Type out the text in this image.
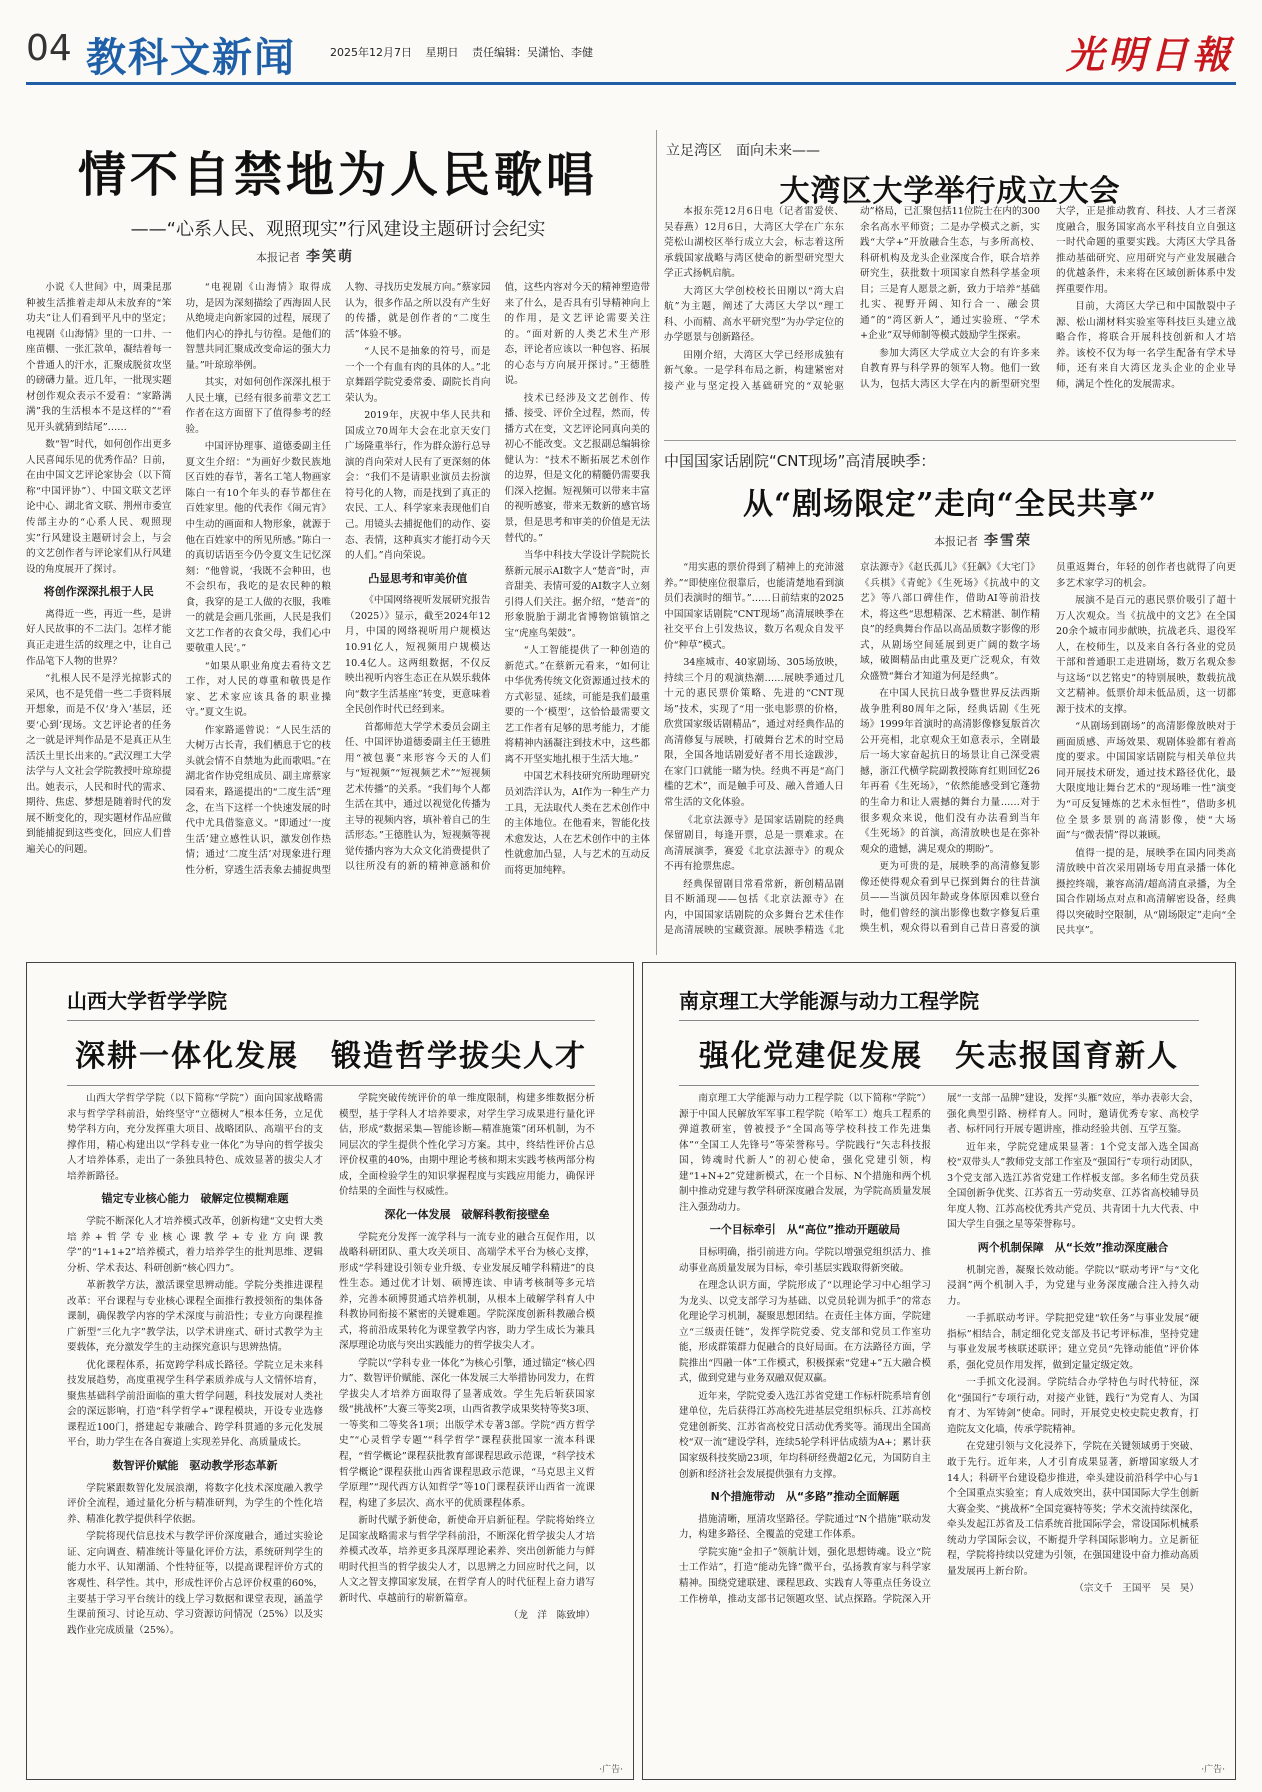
04 教科文新闻	2025年12月7日 星期日 责任编辑：吴潇怡、李健	光明日報
情不自禁地为人民歌唱
——“心系人民、观照现实”行风建设主题研讨会纪实
本报记者 李笑萌

小说《人世间》中，周秉昆那种被生活推着走却从未放弃的“笨功夫”让人们看到平凡中的坚定；电视剧《山海情》里的一口井、一座苗棚、一张汇款单，凝结着每一个普通人的汗水，汇聚成脱贫攻坚的磅礴力量。近几年，一批现实题材创作观众表示不爱看：“家路满满”我的生活根本不是这样的”“看见开头就猜到结尾”……

数“智”时代，如何创作出更多人民喜闻乐见的优秀作品？日前，在由中国文艺评论家协会（以下简称“中国评协”）、中国文联文艺评论中心、湖北省文联、荆州市委宣传部主办的“心系人民、观照现实”行风建设主题研讨会上，与会的文艺创作者与评论家们从行风建设的角度展开了探讨。

将创作深深扎根于人民

离得近一些，再近一些，是讲好人民故事的不二法门。怎样才能真正走进生活的纹理之中，让自己作品笔下人物的世界？

“扎根人民不是浮光掠影式的采风，也不是凭借一些二手资料展开想象，而是不仅‘身入’基层，还要‘心到’现场。文艺评论者的任务之一就是评判作品是不是真正从生活沃土里长出来的。”武汉理工大学法学与人文社会学院教授叶琼琼提出。她表示，人民和时代的需求、期待、焦虑、梦想是随着时代的发展不断变化的，现实题材作品应做到能捕捉到这些变化，回应人们普遍关心的问题。

“电视剧《山海情》取得成功，是因为深刻描绘了西海固人民从绝境走向新家园的过程，展现了他们内心的挣扎与彷徨。是他们的智慧共同汇聚成改变命运的强大力量。”叶琼琼举例。

其实，对如何创作深深扎根于人民土壤，已经有很多前辈文艺工作者在这方面留下了值得参考的经验。

中国评协理事、道德委副主任夏文生介绍：“为画好少数民族地区百姓的春节，著名工笔人物画家陈白一有10个年头的春节都住在百姓家里。他的代表作《闹元宵》中生动的画面和人物形象，就源于他在百姓家中的所见所感。”陈白一的真切话语至今仍令夏文生记忆深刻：“他曾说，‘我既不会种田，也不会织布，我吃的是农民种的粮食，我穿的是工人做的衣服，我唯一的就是会画几张画，人民是我们文艺工作者的衣食父母，我们心中要敬重人民’。”

“如果从职业角度去看待文艺工作，对人民的尊重和敬畏是作家、艺术家应该具备的职业操守。”夏文生说。

作家路遥曾说：“人民生活的大树万古长青，我们栖息于它的枝头就会情不自禁地为此而歌唱。”在湖北省作协党组成员、副主席蔡家园看来，路遥提出的“二度生活”理念，在当下这样一个快速发展的时代中尤具借鉴意义。“即通过‘一度生活’建立感性认识，激发创作热情；通过‘二度生活’对现象进行理性分析，穿透生活表象去捕捉典型人物、寻找历史发展方向。”蔡家园认为，很多作品之所以没有产生好的传播，就是创作者的“二度生活”体验不够。

“人民不是抽象的符号，而是一个一个有血有肉的具体的人。”北京舞蹈学院党委常委、副院长肖向荣认为。

2019年，庆祝中华人民共和国成立70周年大会在北京天安门广场隆重举行，作为群众游行总导演的肖向荣对人民有了更深刻的体会：“我们不是请职业演员去扮演符号化的人物，而是找到了真正的农民、工人、科学家来表现他们自己。用镜头去捕捉他们的动作、姿态、表情，这种真实才能打动今天的人们。”肖向荣说。

凸显思考和审美价值

《中国网络视听发展研究报告（2025）》显示，截至2024年12月，中国的网络视听用户规模达10.91亿人，短视频用户规模达10.4亿人。这两组数据，不仅反映出视听内容生态正在从娱乐载体向“数字生活基座”转变，更意味着全民创作时代已经到来。

首都师范大学学术委员会副主任、中国评协道德委副主任王德胜用“被包裹”来形容今天的人们与“短视频”“短视频艺术”“短视频艺术传播”的关系。“我们每个人都生活在其中，通过以视觉化传播为主导的视频内容，填补着自己的生活形态。”王德胜认为，短视频等视觉传播内容为大众文化消费提供了以往所没有的新的精神意涵和价值，这些内容对今天的精神塑造带来了什么，是否具有引导精神向上的作用，是文艺评论需要关注的。“面对新的人类艺术生产形态，评论者应该以一种包容、拓展的心态与方向展开探讨。”王德胜说。

技术已经涉及文艺创作、传播、接受、评价全过程，然而，传播方式在变，文艺评论同真向美的初心不能改变。文艺报副总编辑徐健认为：“技术不断拓展艺术创作的边界，但是文化的精髓仍需要我们深入挖掘。短视频可以带来丰富的视听感宴，带来无数新的感官场景，但是思考和审美的价值是无法替代的。”

当华中科技大学设计学院院长蔡新元展示AI数字人“楚音”时，声音甜美、表情可爱的AI数字人立刻引得人们关注。据介绍，“楚音”的形象脱胎于湖北省博物馆镇馆之宝“虎座鸟架鼓”。

“人工智能提供了一种创造的新范式。”在蔡新元看来，“如何让中华优秀传统文化资源通过技术的方式彰显、延续，可能是我们最重要的一个‘模型’，这恰恰最需要文艺工作者有足够的思考能力，才能将精神内涵凝注到技术中，这些都离不开坚实地扎根于生活大地。”

中国艺术科技研究所助理研究员刘浩洋认为，AI作为一种生产力工具，无法取代人类在艺术创作中的主体地位。在他看来，智能化技术愈发达，人在艺术创作中的主体性就愈加凸显，人与艺术的互动反而将更加纯粹。

立足湾区　面向未来——
大湾区大学举行成立大会

本报东莞12月6日电（记者雷爱侠、吴春燕）12月6日，大湾区大学在广东东莞松山湖校区举行成立大会，标志着这所承载国家战略与湾区使命的新型研究型大学正式扬帆启航。

大湾区大学创校校长田刚以“湾大启航”为主题，阐述了大湾区大学以“理工科、小而精、高水平研究型”为办学定位的办学愿景与创新路径。

田刚介绍，大湾区大学已经形成独有新气象。一是学科布局之新，构建紧密对接产业与坚定投入基础研究的“双轮驱动”格局，已汇聚包括11位院士在内的300余名高水平师资；二是办学模式之新，实践“大学+”开放融合生态，与多所高校、科研机构及龙头企业深度合作，联合培养研究生，获批数十项国家自然科学基金项目；三是育人愿景之新，致力于培养“基础扎实、视野开阔、知行合一、融会贯通”的“湾区新人”，通过实验班、“学术+企业”双导师制等模式鼓励学生探索。

参加大湾区大学成立大会的有许多来自教育界与科学界的领军人物。他们一致认为，包括大湾区大学在内的新型研究型大学，正是推动教育、科技、人才三者深度融合，服务国家高水平科技自立自强这一时代命题的重要实践。大湾区大学具备推动基础研究、应用研究与产业发展融合的优越条件，未来将在区域创新体系中发挥重要作用。

目前，大湾区大学已和中国散裂中子源、松山湖材料实验室等科技巨头建立战略合作，将联合开展科技创新和人才培养。该校不仅为每一名学生配备有学术导师，还有来自大湾区龙头企业的企业导师，满足个性化的发展需求。

中国国家话剧院“CNT现场”高清展映季：
从“剧场限定”走向“全民共享”
本报记者 李雪荣

“用实惠的票价得到了精神上的充沛滋养。”“即使座位很靠后，也能清楚地看到演员们表演时的细节。”……日前结束的2025中国国家话剧院“CNT现场”高清展映季在社交平台上引发热议，数万名观众自发平价“种草”模式。

34座城市、40家剧场、305场放映，持续三个月的观演热潮……展映季通过几十元的惠民票价策略、先进的“CNT现场”技术，实现了“用一张电影票的价格，欣赏国家级话剧精品”，通过对经典作品的高清修复与展映，打破舞台艺术的时空局限，全国各地话剧爱好者不用长途跋涉，在家门口就能一睹为快。经典不再是“高门槛的艺术”，而是触手可及、融入普通人日常生活的文化体验。

《北京法源寺》是国家话剧院的经典保留剧目，每逢开票，总是一票难求。在高清展演季，赛爱《北京法源寺》的观众不再有抢票焦虑。

经典保留剧目常看常新，新创精品剧目不断涌现——包括《北京法源寺》在内，中国国家话剧院的众多舞台艺术佳作是高清展映的宝藏资源。展映季精选《北京法源寺》《赵氏孤儿》《狂飙》《大宅门》《兵棋》《青蛇》《生死场》《抗战中的文艺》等八部口碑佳作，借助AI等前沿技术，将这些“思想精深、艺术精湛、制作精良”的经典舞台作品以高品质数字影像的形式，从剧场空间延展到更广阔的数字场域，破圈精品由此重及更广泛观众，有效众盛赞“舞台才知道为何是经典”。

在中国人民抗日战争暨世界反法西斯战争胜利80周年之际，经典话剧《生死场》1999年首演时的高清影像修复版首次公开亮相，北京观众王如意表示，全剧最后一场大家奋起抗日的场景让自己深受震撼，浙江代横学院副教授陈育红则回忆26年再看《生死场》，“依然能感受到它蓬勃的生命力和让人震撼的舞台力量……对于很多观众来说，他们没有办法看到当年《生死场》的首演，高清放映也是在弥补观众的遗憾，满足观众的期盼”。

更为可贵的是，展映季的高清修复影像还使得观众看到早已探到舞台的往昔演员——当演员因年龄或身体原因难以登台时，他们曾经的演出影像也数字修复后重焕生机，观众得以看到自己昔日喜爱的演员重返舞台，年轻的创作者也就得了向更多艺术家学习的机会。

展演不是百元的惠民票价吸引了超十万人次观众。当《抗战中的文艺》在全国20余个城市同步献映，抗战老兵、退役军人，在校师生，以及来自各行各业的党员干部和普通职工走进剧场，数万名观众参与这场“以艺铭史”的特别展映，数载抗战文艺精神。低票价却未低品质，这一切都源于技术的支撑。

“从剧场到剧场”的高清影像放映对于画面质感、声场效果、观剧体验都有着高度的要求。中国国家话剧院与相关单位共同开展技术研发，通过技术路径优化，最大限度地让舞台艺术的“现场唯一性”演变为“可反复锤炼的艺术永恒性”，借助多机位全景多景别的高清影像，使“大场面”与“微表情”得以兼顾。

值得一提的是，展映季在国内同类高清放映中首次采用剧场专用直录播一体化摄控终端，兼容高清/超高清直录播，为全国合作剧场点对点和高清解密设备，经典得以突破时空限制，从“剧场限定”走向“全民共享”。

山西大学哲学学院
深耕一体化发展　锻造哲学拔尖人才

山西大学哲学学院（以下简称“学院”）面向国家战略需求与哲学学科前沿，始终坚守“立德树人”根本任务，立足优势学科方向，充分发挥重大项目、战略团队、高端平台的支撑作用，精心构建出以“学科专业一体化”为导向的哲学拔尖人才培养体系，走出了一条独具特色、成效显著的拔尖人才培养新路径。

锚定专业核心能力　破解定位模糊难题

学院不断深化人才培养模式改革，创新构建“文史哲大类培养+哲学专业核心课教学+专业方向课教学”的“1+1+2”培养模式，着力培养学生的批判思维、逻辑分析、学术表达、科研创新“核心四力”。

革新教学方法，激活课堂思辨动能。学院分类推进课程改革：平台课程与专业核心课程全面推行教授领衔的集体备课制，确保教学内容的学术深度与前沿性；专业方向课程推广新型“三化九字”教学法，以学术讲座式、研讨式教学为主要载体，充分激发学生的主动探究意识与思辨热情。

优化课程体系，拓宽跨学科成长路径。学院立足未来科技发展趋势，高度重视学生科学素质养成与人文情怀培育，聚焦基础科学前沿面临的重大哲学问题，科技发展对人类社会的深远影响，打造“科学哲学+”课程模块，开设专业选修课程近100门，搭建起专兼融合、跨学科贯通的多元化发展平台，助力学生在各自赛道上实现差异化、高质量成长。

数智评价赋能　驱动教学形态革新

学院紧跟数智化发展浪潮，将数字化技术深度融入教学评价全流程，通过量化分析与精准研判，为学生的个性化培养、精准化教学提供科学依据。

学院将现代信息技术与教学评价深度融合，通过实验论证、定向调查、精准统计等量化评价方法，系统研判学生的能力水平、认知潮涌、个性特征等，以提高课程评价方式的客观性、科学性。其中，形成性评价占总评价权重的60%，主要基于学习平台统计的线上学习数据和课堂表现，涵盖学生课前预习、讨论互动、学习资源访问情况（25%）以及实践作业完成质量（25%）。

学院突破传统评价的单一维度限制，构建多维数据分析模型，基于学科人才培养要求，对学生学习成果进行量化评估，形成“数据采集—智能诊断—精准施策”闭环机制，为不同层次的学生提供个性化学习方案。其中，终结性评价占总评价权重的40%，由期中理论考核和期末实践考核两部分构成，全面检验学生的知识掌握程度与实践应用能力，确保评价结果的全面性与权威性。

深化一体发展　破解科教衔接壁垒

学院充分发挥一流学科与一流专业的融合互促作用，以战略科研团队、重大攻关项目、高端学术平台为核心支撑，形成“学科建设引领专业升级、专业发展反哺学科精进”的良性生态。通过优才计划、硕博连读、申请考核制等多元培养，完善本硕博贯通式培养机制，从根本上破解学科育人中科教协同衔接不紧密的关键难题。学院深度创新科教融合模式，将前沿成果转化为课堂教学内容，助力学生成长为兼具深厚理论功底与突出实践能力的哲学拔尖人才。

学院以“学科专业一体化”为核心引擎，通过锚定“核心四力”、数智评价赋能、深化一体发展三大举措协同发力，在哲学拔尖人才培养方面取得了显著成效。学生先后斩获国家级“挑战杯”大赛三等奖2项，山西省教学成果奖特等奖3项、一等奖和二等奖各1项；出版学术专著3部。学院“西方哲学史”“心灵哲学专题”“科学哲学”课程获批国家一流本科课程，“哲学概论”课程获批教育部课程思政示范课，“科学技术哲学概论”课程获批山西省课程思政示范课，“马克思主义哲学原理”“现代西方认知哲学”等10门课程获评山西省一流课程，构建了多层次、高水平的优质课程体系。

新时代赋予新使命，新使命开启新征程。学院将始终立足国家战略需求与哲学学科前沿，不断深化哲学拔尖人才培养模式改革，培养更多具深厚理论素养、突出创新能力与鲜明时代担当的哲学拔尖人才，以思辨之力回应时代之问，以人文之智支撑国家发展，在哲学育人的时代征程上奋力谱写新时代、卓越前行的崭新篇章。

（龙　洋　陈致坤）

·广告·
南京理工大学能源与动力工程学院
强化党建促发展　矢志报国育新人

南京理工大学能源与动力工程学院（以下简称“学院”）源于中国人民解放军军事工程学院（哈军工）炮兵工程系的弹道教研室，曾被授予“全国高等学校科技工作先进集体”“全国工人先锋号”等荣誉称号。学院践行“矢志科技报国，铸魂时代新人”的初心使命，强化党建引领，构建“1+N+2”党建新模式，在一个目标、N个措施和两个机制中推动党建与教学科研深度融合发展，为学院高质量发展注入强劲动力。

一个目标牵引　从“高位”推动开题破局

目标明确，指引前进方向。学院以增强党组织活力、推动事业高质量发展为目标，牵引基层实践取得新突破。

在理念认识方面，学院形成了“以理论学习中心组学习为龙头、以党支部学习为基础、以党员轮训为抓手”的常态化理论学习机制，凝聚思想团结。在责任主体方面，学院建立“三级责任链”，发挥学院党委、党支部和党员工作室功能，形成群策群力促融合的良好局面。在方法路径方面，学院推出“四融一体”工作模式，积极探索“党建+”五大融合模式，做到党建与业务双融双促双赢。

近年来，学院党委入选江苏省党建工作标杆院系培育创建单位，先后获得江苏高校先进基层党组织标兵、江苏高校党建创新奖、江苏省高校党日活动优秀奖等。涌现出全国高校“双一流”建设学科，连续5轮学科评估成绩为A+；累计获国家级科技奖励23项，年均科研经费超2亿元，为国防自主创新和经济社会发展提供强有力支撑。

N个措施带动　从“多路”推动全面解题

措施清晰，厘清攻坚路径。学院通过“N个措施”联动发力，构建多路径、全覆盖的党建工作体系。

学院实施“金扣子”领航计划，强化思想铸魂。设立“院士工作站”，打造“能动先锋”微平台，弘扬教育家与科学家精神。围绕党建联建、课程思政、实践育人等重点任务设立工作榜单，推动支部书记领题攻坚、试点探路。学院深入开展“一支部一品牌”建设，发挥“头雁”效应，举办表彰大会，强化典型引路、榜样育人。同时，邀请优秀专家、高校学者、标杆同行开展专题讲座，推动经验共创、互学互鉴。

近年来，学院党建成果显著：1个党支部入选全国高校“双带头人”教师党支部工作室及“强国行”专项行动团队，3个党支部入选江苏省党建工作样板支部。多名师生党员获全国创新争优奖、江苏省五一劳动奖章、江苏省高校辅导员年度人物、江苏高校优秀共产党员、共青团十九大代表、中国大学生自强之星等荣誉称号。

两个机制保障　从“长效”推动深度融合

机制完善，凝聚长效动能。学院以“联动考评”与“文化浸润”两个机制入手，为党建与业务深度融合注入持久动力。

一手抓联动考评。学院把党建“软任务”与事业发展“硬指标”相结合，制定细化党支部及书记考评标准，坚持党建与事业发展考核联述联评；建立党员“先锋动能值”评价体系，强化党员作用发挥，做到定量定级定效。

一手抓文化浸润。学院结合办学特色与时代特征，深化“强国行”专项行动，对接产业链，践行“为党育人、为国育才、为军铸剑”使命。同时，开展党史校史院史教育，打造院友文化墙，传承学院精神。

在党建引领与文化浸养下，学院在关键领域勇于突破、敢于先行。近年来，人才引育成果显著，新增国家级人才14人；科研平台建设稳步推进，牵头建设前沿科学中心与1个全国重点实验室；育人成效突出，获中国国际大学生创新大赛金奖、“挑战杯”全国竞赛特等奖；学术交流持续深化，牵头发起江苏省及工信系统首批国际学会，常设国际机械系统动力学国际会议，不断提升学科国际影响力。立足新征程，学院将持续以党建为引领，在强国建设中奋力推动高质量发展再上新台阶。

（宗文千　王国平　吴　昊）

·广告·
